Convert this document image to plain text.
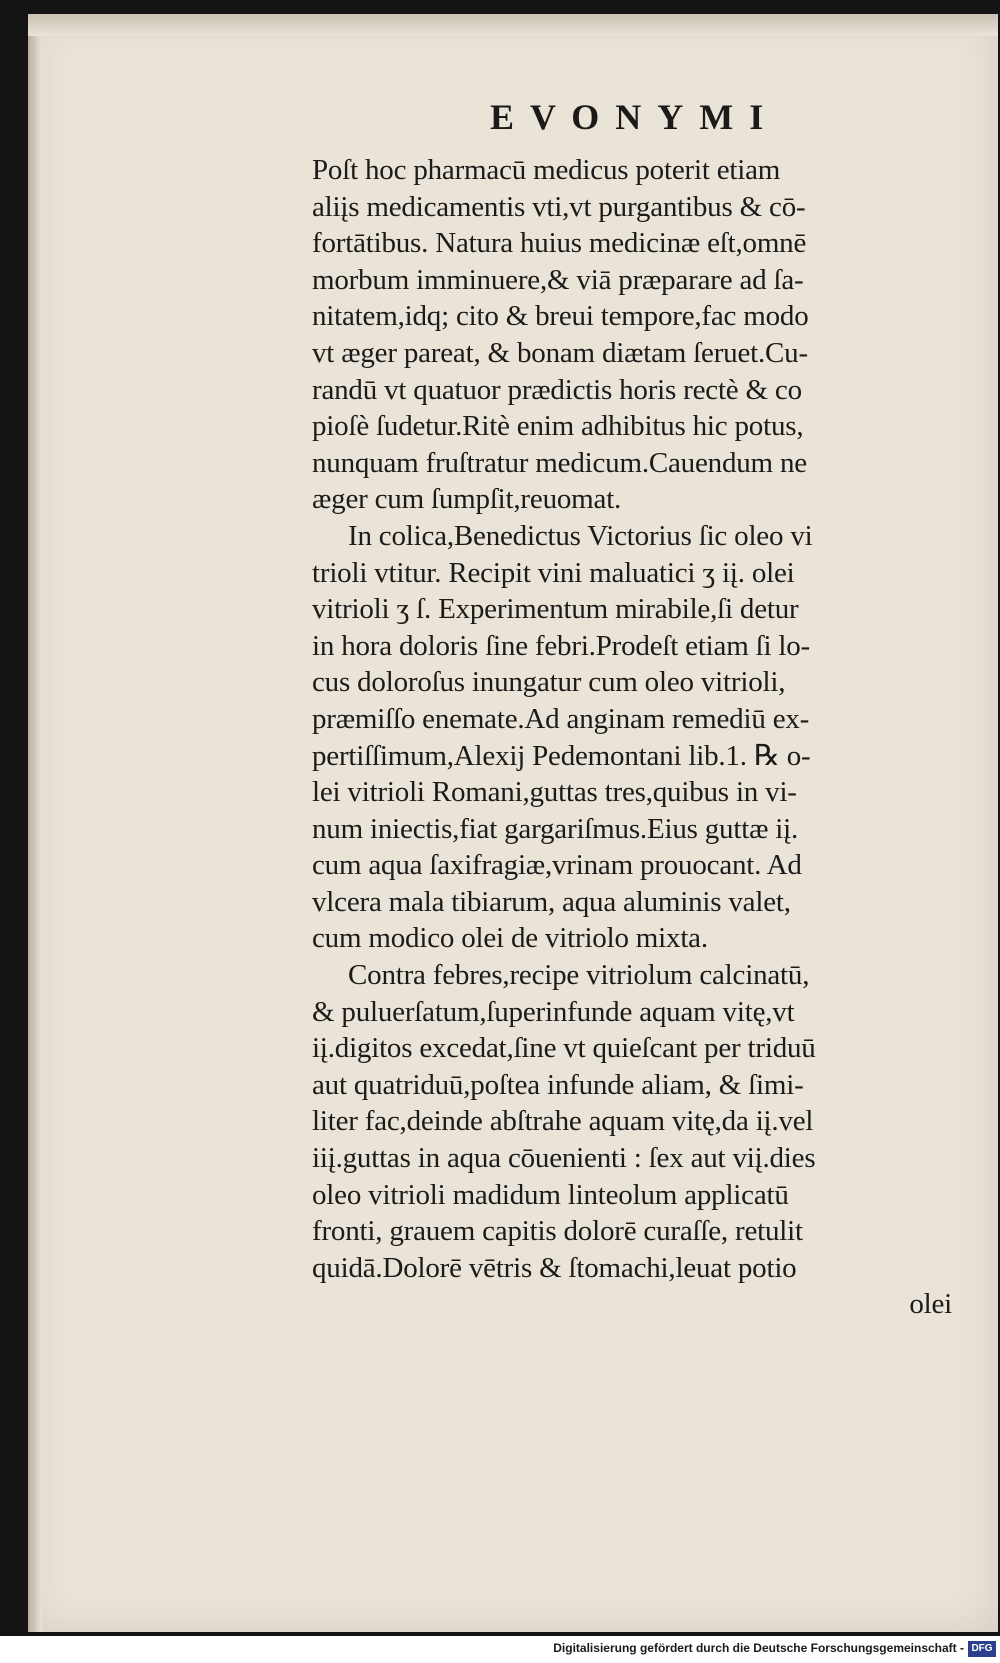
EVONYMI
Poſt hoc pharmacū medicus poterit etiam
aliįs medicamentis vti,vt purgantibus & cō-
fortātibus. Natura huius medicinæ eſt,omnē
morbum imminuere,& viā præparare ad ſa-
nitatem,idq; cito & breui tempore,fac modo
vt æger pareat, & bonam diætam ſeruet.Cu-
randū vt quatuor prædictis horis rectè & co
pioſè ſudetur.Ritè enim adhibitus hic potus,
nunquam fruſtratur medicum.Cauendum ne
æger cum ſumpſit,reuomat.
In colica,Benedictus Victorius ſic oleo vi
trioli vtitur. Recipit vini maluatici ʒ iį. olei
vitrioli ʒ ſ. Experimentum mirabile,ſi detur
in hora doloris ſine febri.Prodeſt etiam ſi lo-
cus doloroſus inungatur cum oleo vitrioli,
præmiſſo enemate.Ad anginam remediū ex-
pertiſſimum,Alexij Pedemontani lib.1. ℞ o-
lei vitrioli Romani,guttas tres,quibus in vi-
num iniectis,fiat gargariſmus.Eius guttæ iį.
cum aqua ſaxifragiæ,vrinam prouocant. Ad
vlcera mala tibiarum, aqua aluminis valet,
cum modico olei de vitriolo mixta.
Contra febres,recipe vitriolum calcinatū,
& puluerſatum,ſuperinfunde aquam vitę,vt
iį.digitos excedat,ſine vt quieſcant per triduū
aut quatriduū,poſtea infunde aliam, & ſimi-
liter fac,deinde abſtrahe aquam vitę,da iį.vel
iiį.guttas in aqua cōuenienti : ſex aut viį.dies
oleo vitrioli madidum linteolum applicatū
fronti, grauem capitis dolorē curaſſe, retulit
quidā.Dolorē vētris & ſtomachi,leuat potio
olei
Digitalisierung gefördert durch die Deutsche Forschungsgemeinschaft - DFG
